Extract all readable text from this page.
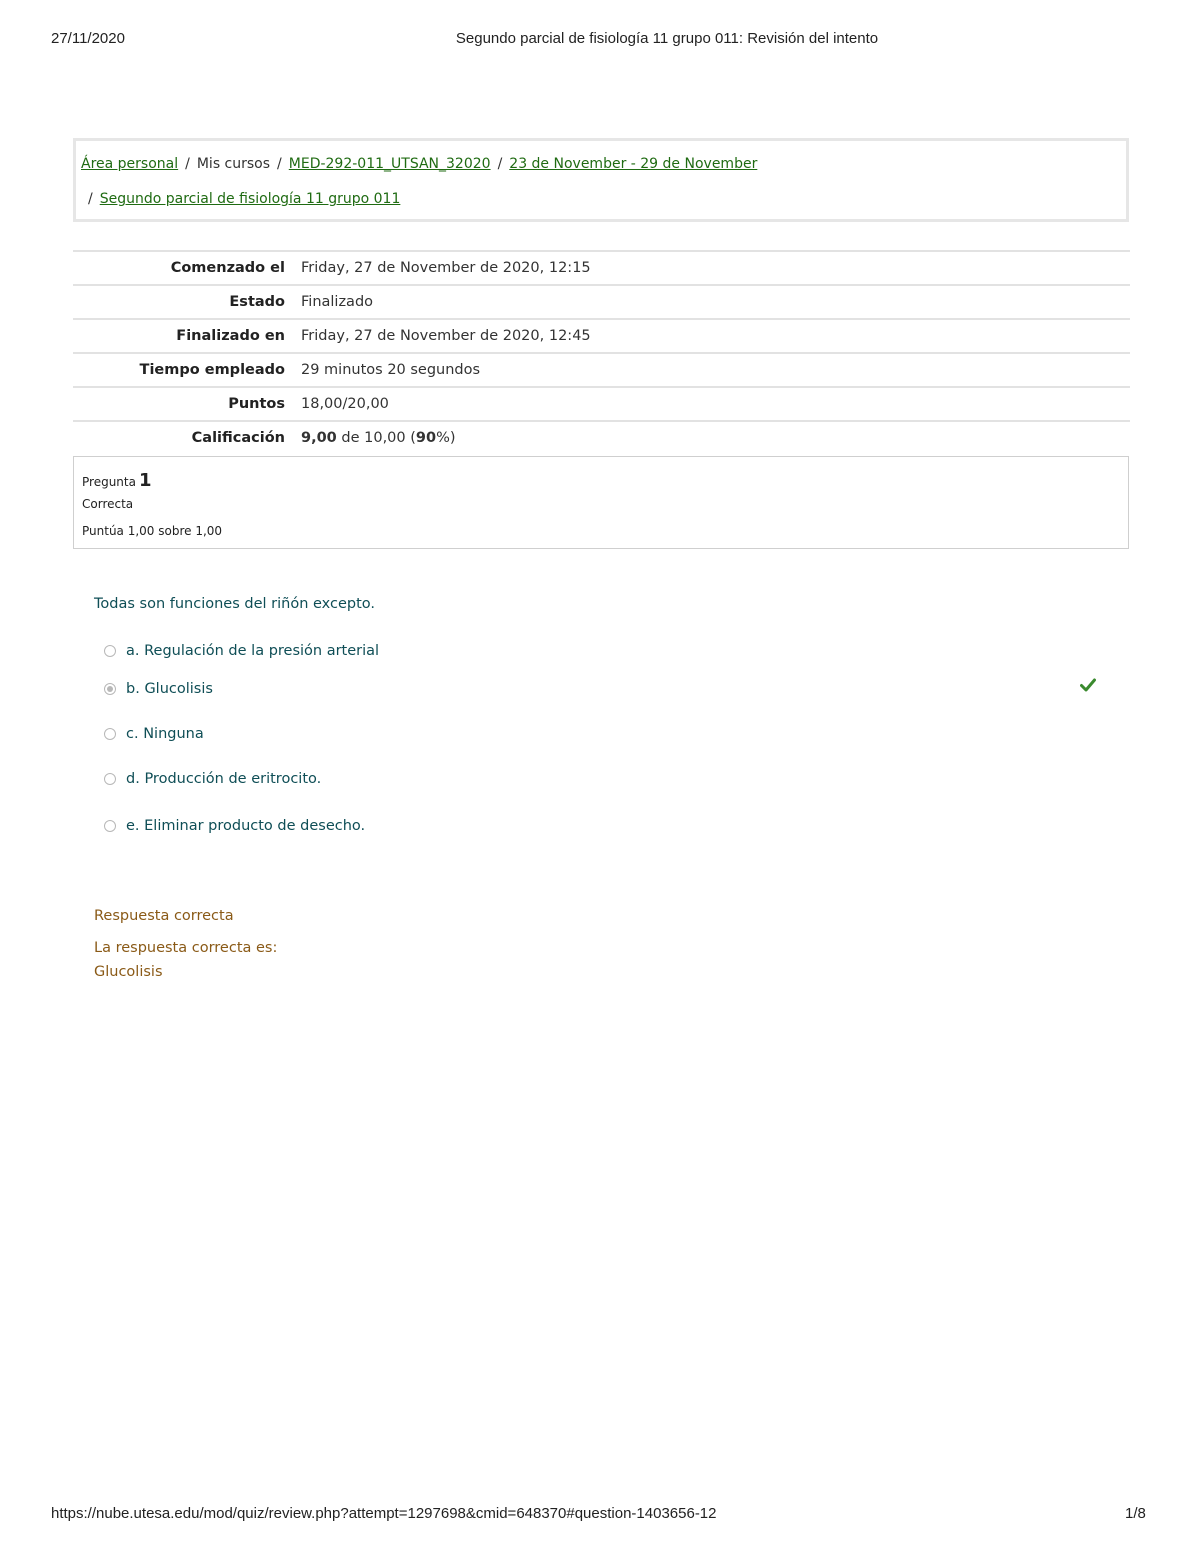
27/11/2020	Segundo parcial de fisiología 11 grupo 011: Revisión del intento
Área personal / Mis cursos / MED-292-011_UTSAN_32020 / 23 de November - 29 de November
/ Segundo parcial de fisiología 11 grupo 011
Comenzado el	Friday, 27 de November de 2020, 12:15
Estado	Finalizado
Finalizado en	Friday, 27 de November de 2020, 12:45
Tiempo empleado	29 minutos 20 segundos
Puntos	18,00/20,00
Calificación	9,00 de 10,00 (90%)
Pregunta 1
Correcta
Puntúa 1,00 sobre 1,00
Todas son funciones del riñón excepto.
a.
Regulación de la presión arterial
b.
Glucolisis
c.
Ninguna
d.
Producción de eritrocito.
e.
Eliminar producto de desecho.
Respuesta correcta
La respuesta correcta es:
Glucolisis
https://nube.utesa.edu/mod/quiz/review.php?attempt=1297698&cmid=648370#question-1403656-12	1/8
